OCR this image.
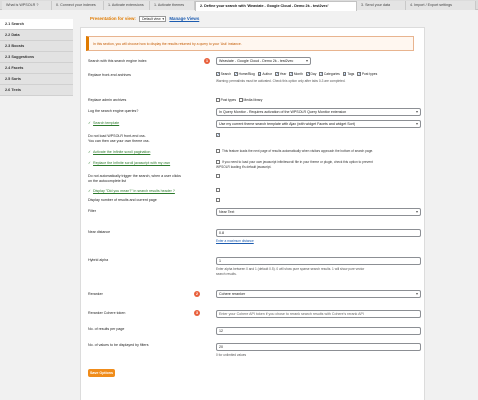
What is WPSOLR ?	0. Connect your indexes	1. Activate extensions	1. Activate themes	2. Define your search with 'Weaviate - Google Cloud - Demo 2k - test2vec'	3. Send your data	4. Import / Export settings
2.1 Search
2.2 Data
2.3 Boosts
2.3 Suggestions
2.4 Facets
2.5 Sorts
2.6 Texts
Presentation for view: Default view ▾ Manage Views
In this section, you will choose how to display the results returned by a query to your 'Ask' instance.
Search with this search engine index	1	Weaviate - Google Cloud - Demo 2k - test2vec ▾
Replace front-end archives ✓	Search ✓ Home/Blog ✓ Author ✓ Year ✓ Month ✓ Day ✓ Categories ✓ Tags ✓ Post types
Warning: permalinks must be activated. Check this option only after tabs 0-3 are completed.
Replace admin archives	Post types Media library
Log the search engine queries?	In Query Monitor - Requires activation of the WPSOLR Query Monitor extension ▾
✓ Search template	Use my current theme search template with Ajax (with widget Facets and widget Sort) ▾
Do not load WPSOLR front-end css.
You can then use your own theme css.
✓
✓ Activate the Infinite scroll pagination	This feature loads the next page of results automatically when visitors approach the bottom of search page.
✓ Replace the Infinite scroll javascript with my own	If you need to load your own javascript infinitescroll file in your theme or plugin, check this option to prevent
WPSOLR loading it's default javascript.
Do not automatically trigger the search, when a user clicks
on the autocomplete list
✓ Display "Did you mean?" in search results header ?
Display number of results and current page
Filter	Near Text ▾
Near distance	0.8
Enter a maximum distance
Hybrid alpha	1
Enter alpha between 0 and 1 (default 0.5). 0 will show pure sparse search results. 1 will show pure vector
search results.
Reranker	2	Cohere reranker ▾
Reranker Cohere token	3	Enter your Cohere API token if you chose to rerank search results with Cohere's rerank API
No. of results per page	12
No. of values to be displayed by filters	20
0 for unlimited values
Save Options
